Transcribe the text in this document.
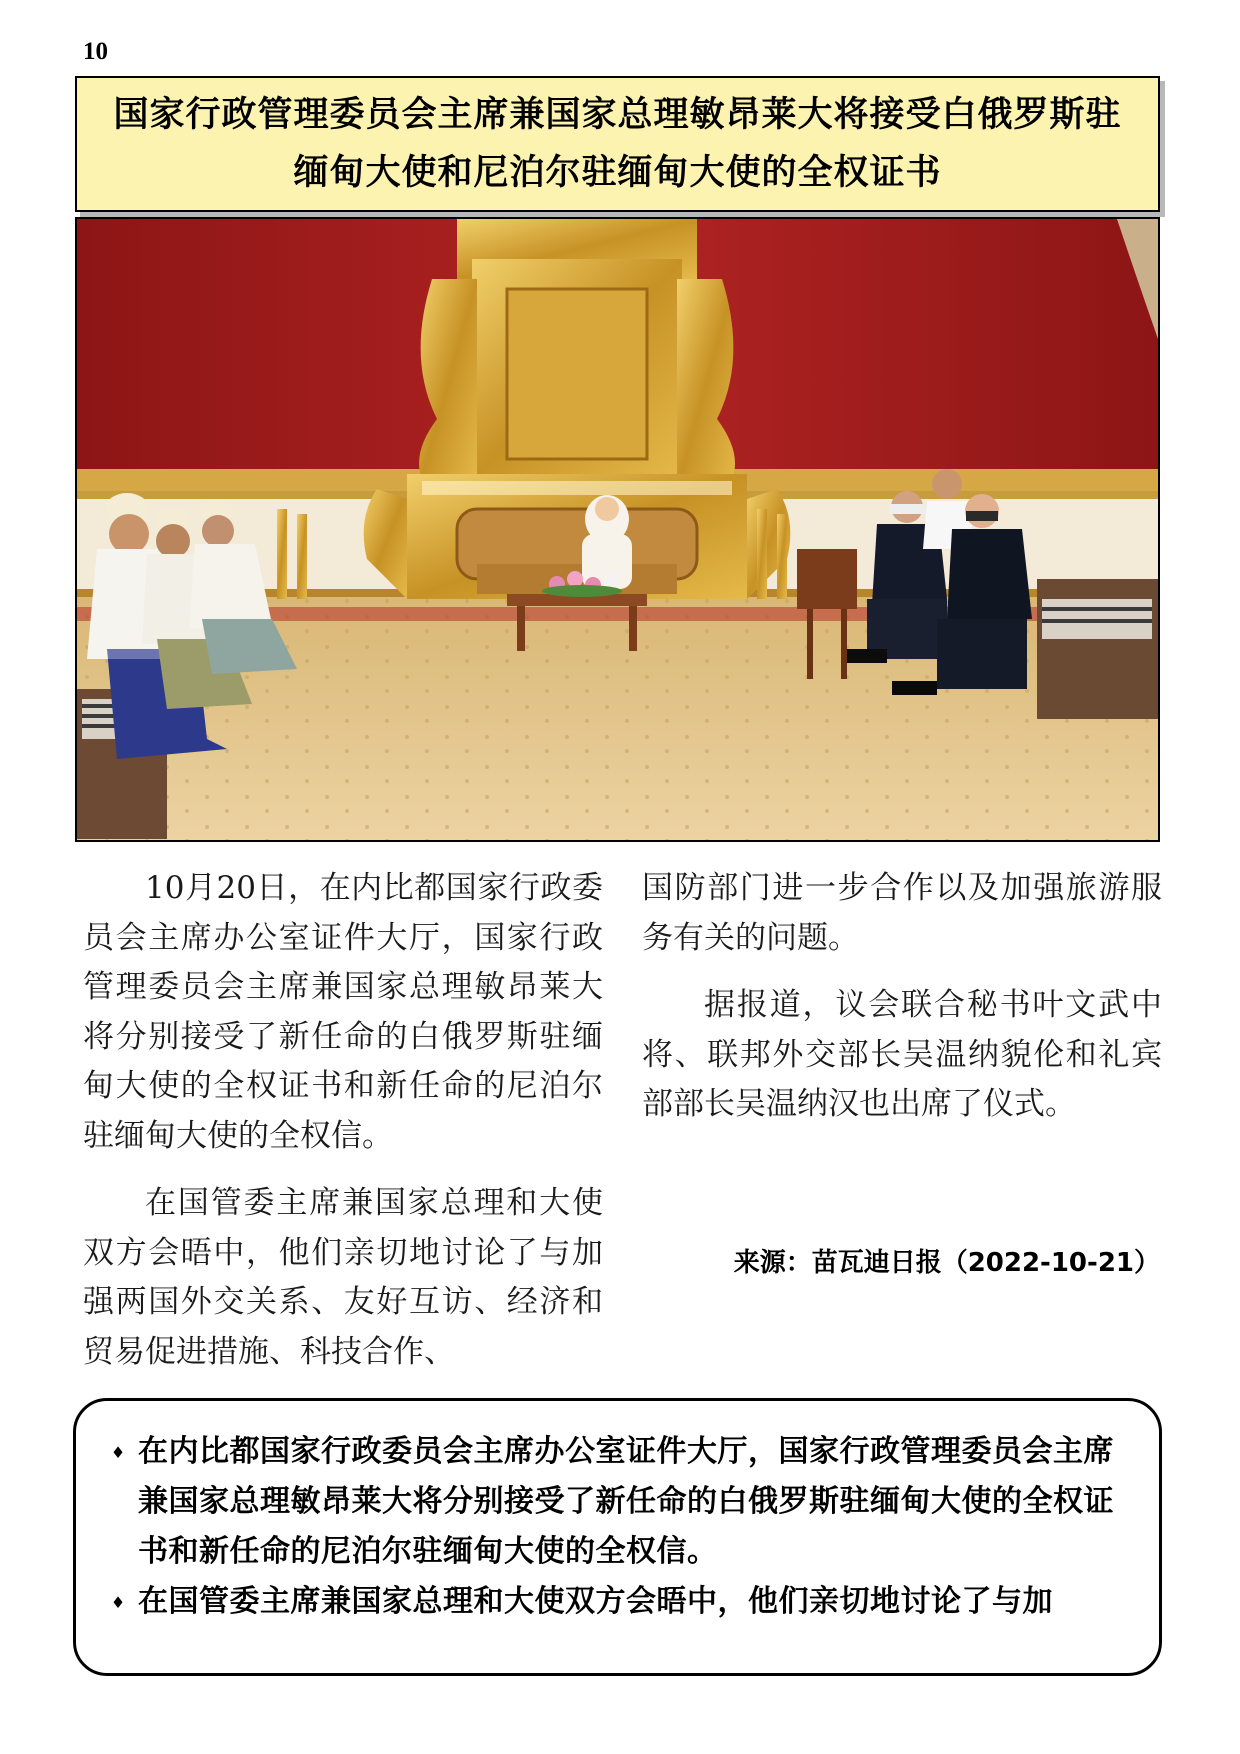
10
国家行政管理委员会主席兼国家总理敏昂莱大将接受白俄罗斯驻
缅甸大使和尼泊尔驻缅甸大使的全权证书

10月20日，在内比都国家行政委员会主席办公室证件大厅，国家行政管理委员会主席兼国家总理敏昂莱大将分别接受了新任命的白俄罗斯驻缅甸大使的全权证书和新任命的尼泊尔驻缅甸大使的全权信。

在国管委主席兼国家总理和大使双方会晤中，他们亲切地讨论了与加强两国外交关系、友好互访、经济和贸易促进措施、科技合作、

国防部门进一步合作以及加强旅游服务有关的问题。

据报道，议会联合秘书叶文武中将、联邦外交部长吴温纳貌伦和礼宾部部长吴温纳汉也出席了仪式。

来源：苗瓦迪日报（2022-10-21）
♦ 在内比都国家行政委员会主席办公室证件大厅，国家行政管理委员会主席兼国家总理敏昂莱大将分别接受了新任命的白俄罗斯驻缅甸大使的全权证书和新任命的尼泊尔驻缅甸大使的全权信。
♦ 在国管委主席兼国家总理和大使双方会晤中，他们亲切地讨论了与加
